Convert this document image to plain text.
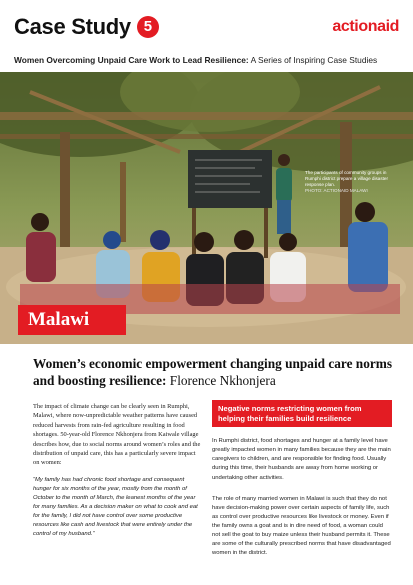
Case Study 5	actionaid
Women Overcoming Unpaid Care Work to Lead Resilience: A Series of Inspiring Case Studies
The participants of community groups in Rumphi district prepare a village disaster response plan.
PHOTO: ACTIONAID MALAWI
Malawi
Women’s economic empowerment changing unpaid care norms and boosting resilience: Florence Nkhonjera

The impact of climate change can be clearly seen in Rumphi, Malawi, where now-unpredictable weather patterns have caused reduced harvests from rain-fed agriculture resulting in food shortages. 50-year-old Florence Nkhonjera from Kaiwale village describes how, due to social norms around women’s roles and the distribution of unpaid care, this has a particularly severe impact on women:

“My family has had chronic food shortage and consequent hunger for six months of the year, mostly from the month of October to the month of March, the leanest months of the year for many families. As a decision maker on what to cook and eat for the family, I did not have control over some productive resources like cash and livestock that were entirely under the control of my husband.”

Negative norms restricting women from helping their families build resilience

In Rumphi district, food shortages and hunger at a family level have greatly impacted women in many families because they are the main caregivers to children, and are responsible for finding food. Usually during this time, their husbands are away from home working or undertaking other activities.

The role of many married women in Malawi is such that they do not have decision-making power over certain aspects of family life, such as control over productive resources like livestock or money. Even if the family owns a goat and is in dire need of food, a woman could not sell the goat to buy maize unless their husband permits it. These are some of the culturally prescribed norms that have disadvantaged women in the district.
